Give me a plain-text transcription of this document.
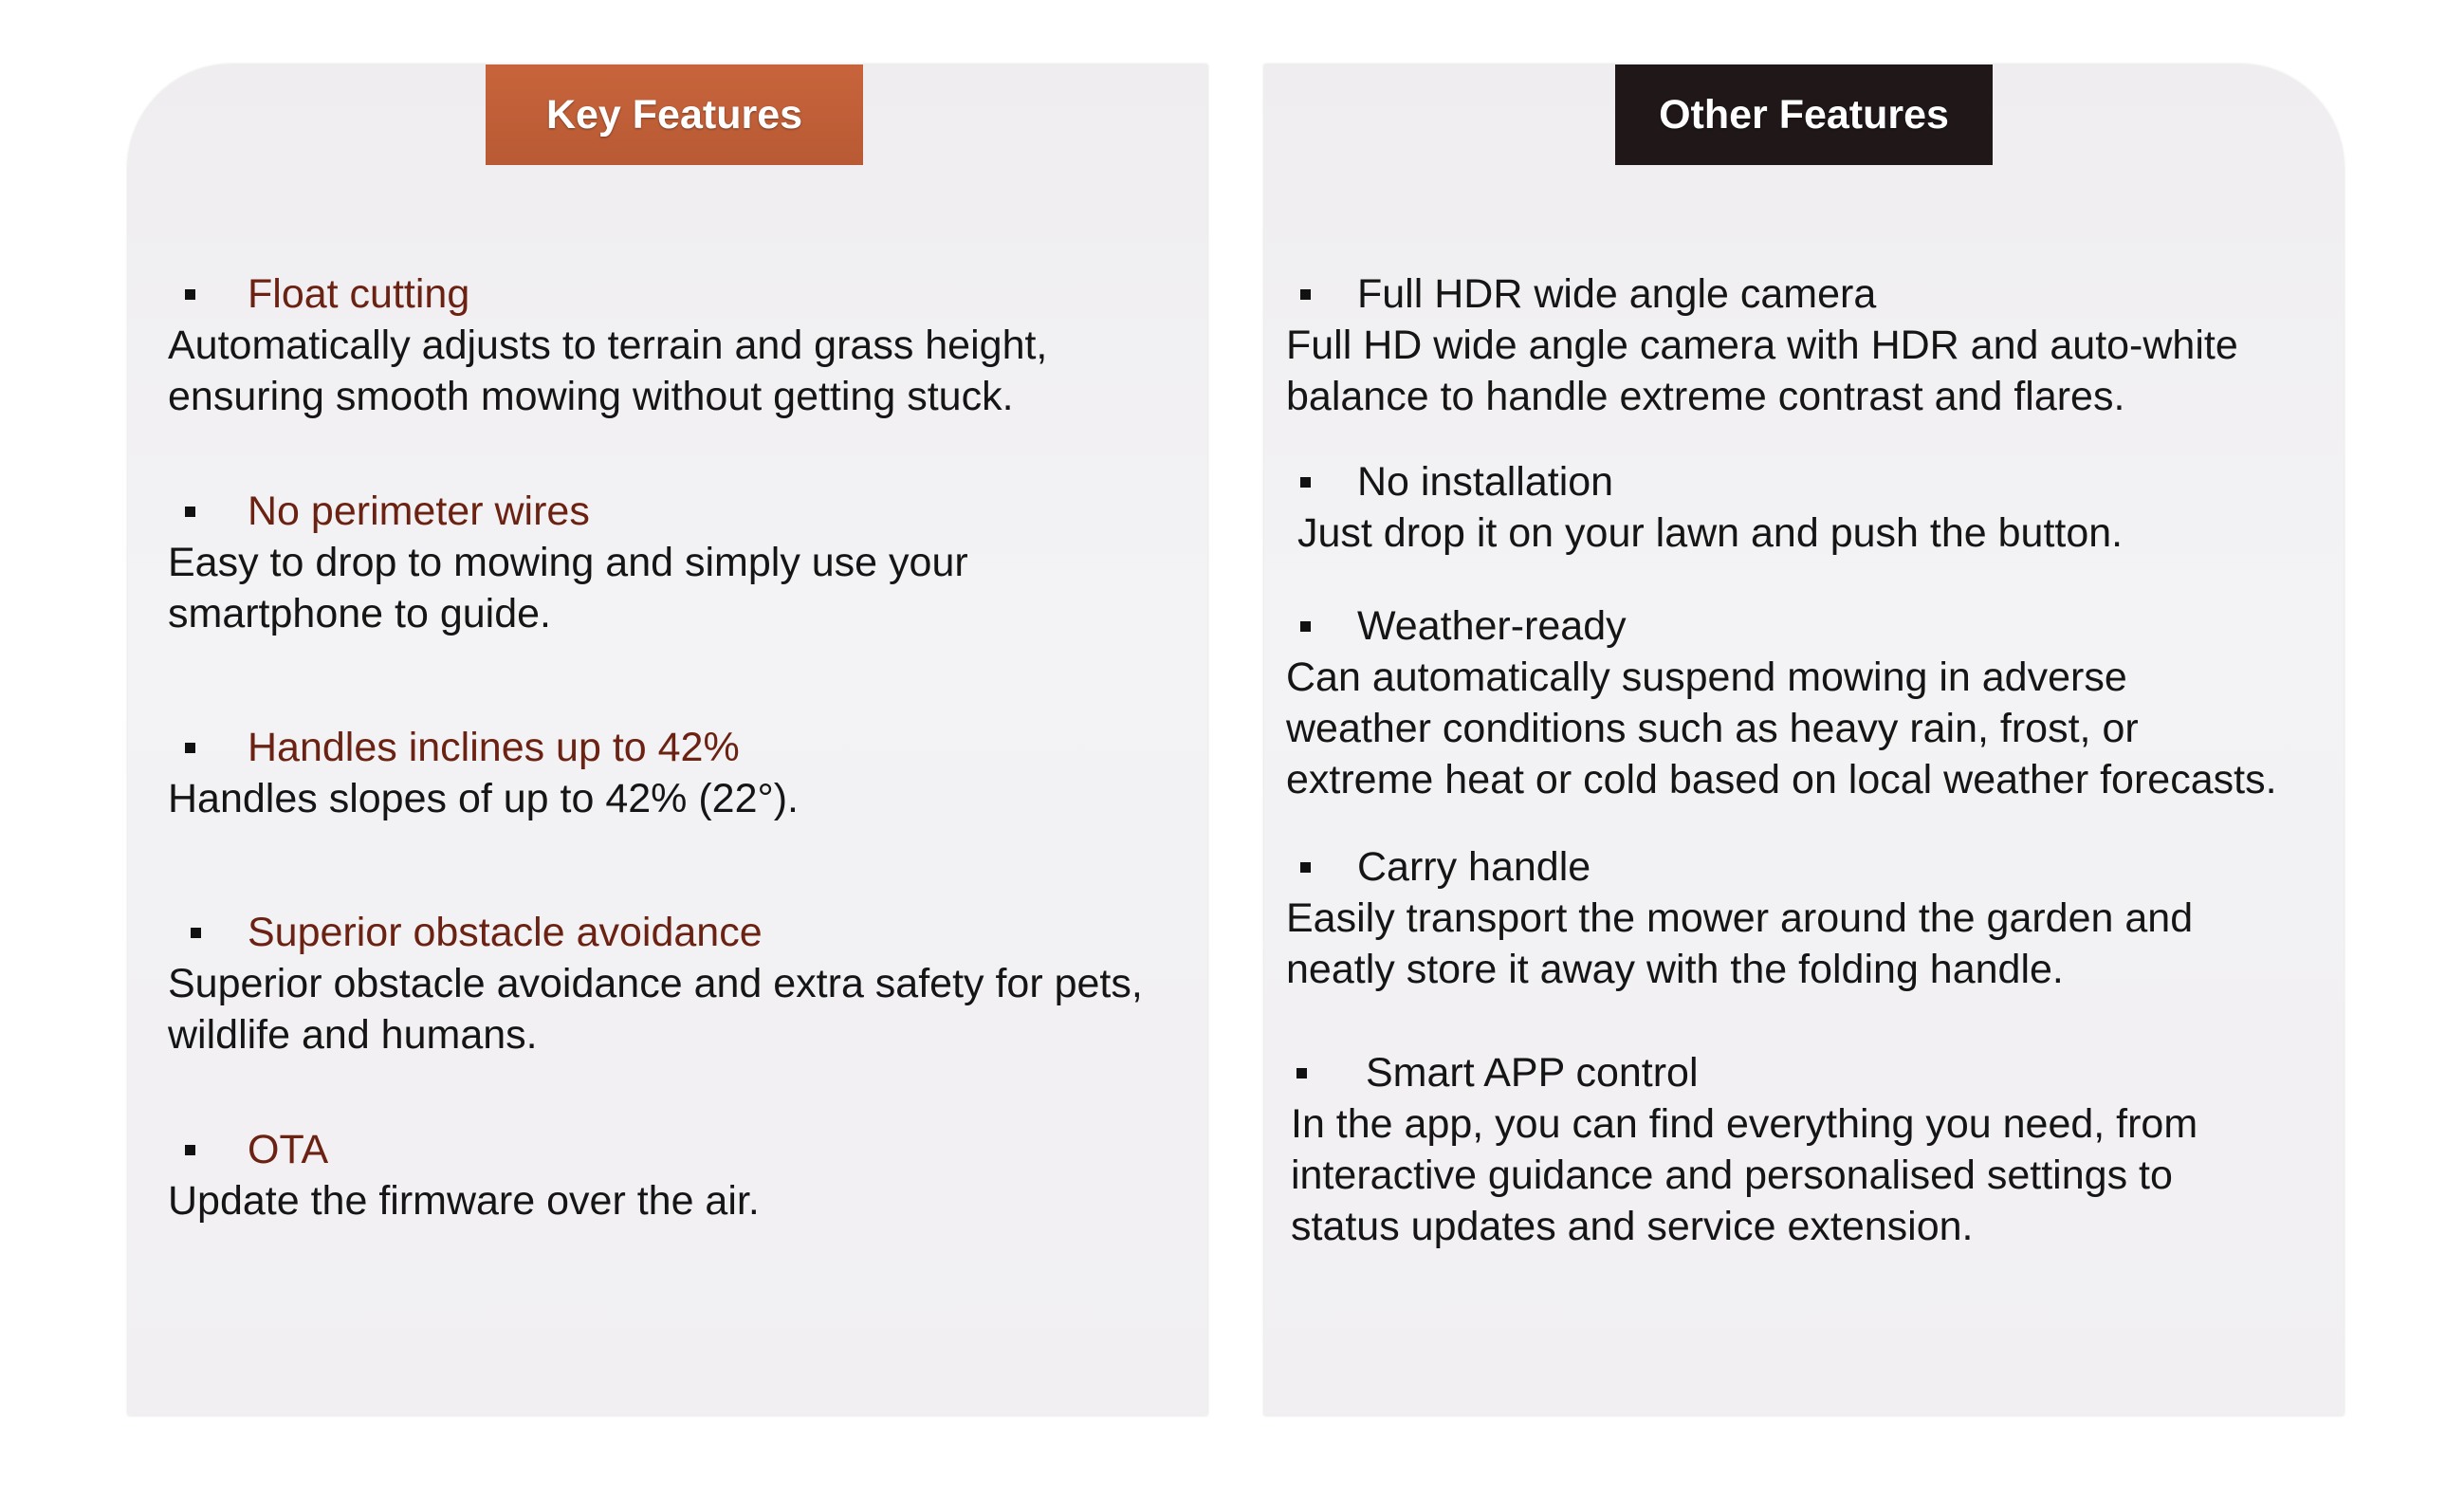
Key Features
Float cutting
Automatically adjusts to terrain and grass height,
ensuring smooth mowing without getting stuck.
No perimeter wires
Easy to drop to mowing and simply use your
smartphone to guide.
Handles inclines up to 42%
Handles slopes of up to 42% (22°).
Superior obstacle avoidance
Superior obstacle avoidance and extra safety for pets,
wildlife and humans.
OTA
Update the firmware over the air.
Other Features
Full HDR wide angle camera
Full HD wide angle camera with HDR and auto-white
balance to handle extreme contrast and flares.
No installation
Just drop it on your lawn and push the button.
Weather-ready
Can automatically suspend mowing in adverse
weather conditions such as heavy rain, frost, or
extreme heat or cold based on local weather forecasts.
Carry handle
Easily transport the mower around the garden and
neatly store it away with the folding handle.
Smart APP control
In the app, you can find everything you need, from
interactive guidance and personalised settings to
status updates and service extension.
